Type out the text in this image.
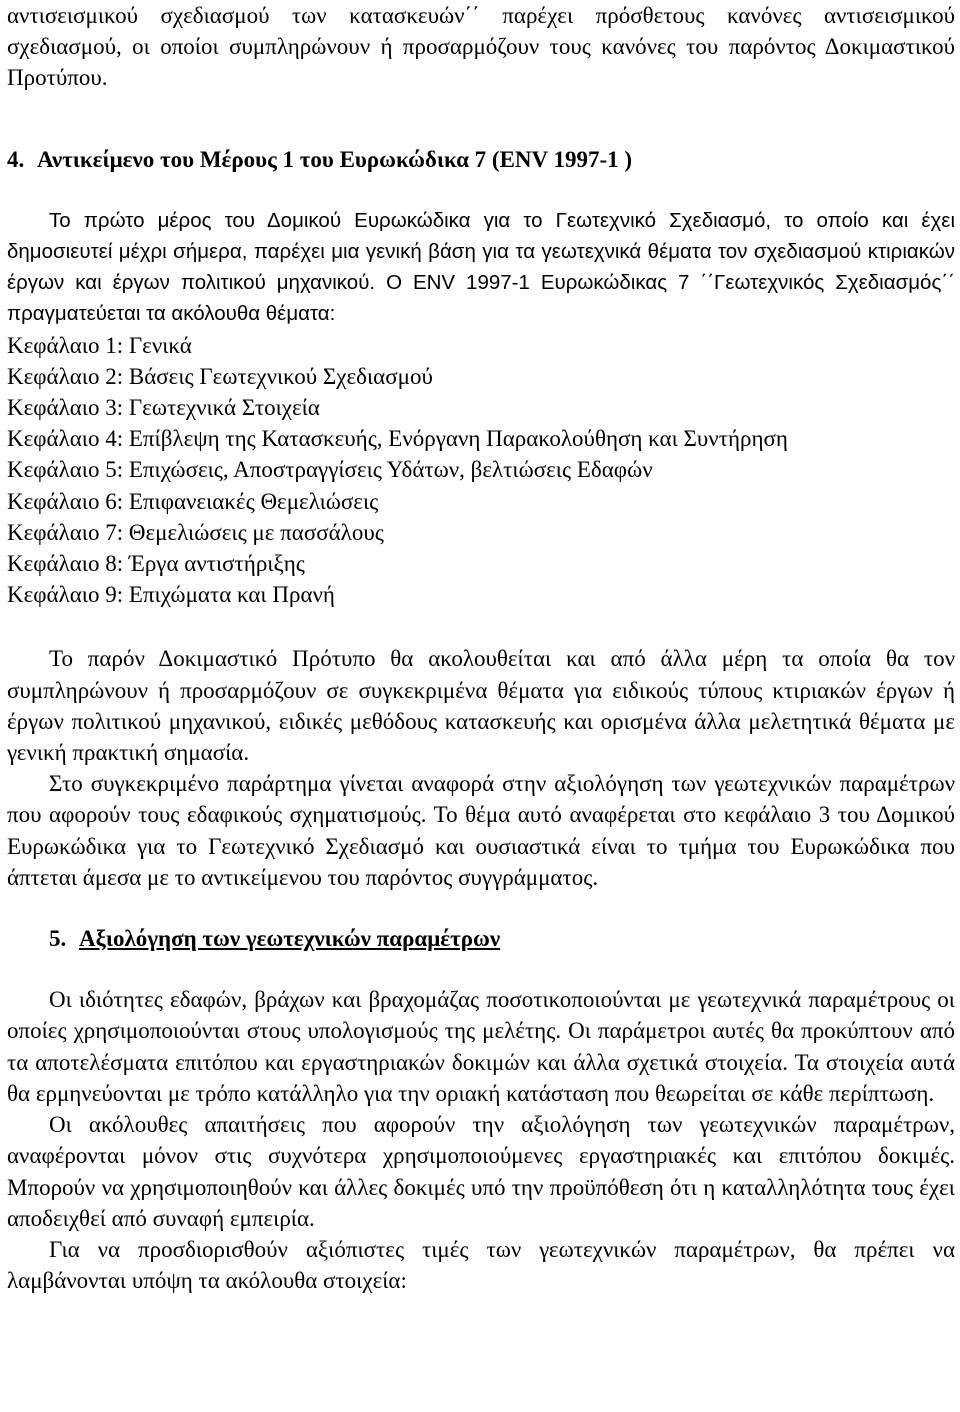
αντισεισμικού σχεδιασμού των κατασκευών΄΄ παρέχει πρόσθετους κανόνες αντισεισμικού σχεδιασμού, οι οποίοι συμπληρώνουν ή προσαρμόζουν τους κανόνες του παρόντος Δοκιμαστικού Προτύπου.

4. Αντικείμενο του Μέρους 1 του Ευρωκώδικα 7 (ENV 1997-1 )

Το πρώτο μέρος του Δομικού Ευρωκώδικα για το Γεωτεχνικό Σχεδιασμό, το οποίο και έχει δημοσιευτεί μέχρι σήμερα, παρέχει μια γενική βάση για τα γεωτεχνικά θέματα τον σχεδιασμού κτιριακών έργων και έργων πολιτικού μηχανικού. Ο ENV 1997-1 Ευρωκώδικας 7 ΄΄Γεωτεχνικός Σχεδιασμός΄΄ πραγματεύεται τα ακόλουθα θέματα:

Κεφάλαιο 1: Γενικά
Κεφάλαιο 2: Βάσεις Γεωτεχνικού Σχεδιασμού
Κεφάλαιο 3: Γεωτεχνικά Στοιχεία
Κεφάλαιο 4: Επίβλεψη της Κατασκευής, Ενόργανη Παρακολούθηση και Συντήρηση
Κεφάλαιο 5: Επιχώσεις, Αποστραγγίσεις Υδάτων, βελτιώσεις Εδαφών
Κεφάλαιο 6: Επιφανειακές Θεμελιώσεις
Κεφάλαιο 7: Θεμελιώσεις με πασσάλους
Κεφάλαιο 8: Έργα αντιστήριξης
Κεφάλαιο 9: Επιχώματα και Πρανή

Το παρόν Δοκιμαστικό Πρότυπο θα ακολουθείται και από άλλα μέρη τα οποία θα τον συμπληρώνουν ή προσαρμόζουν σε συγκεκριμένα θέματα για ειδικούς τύπους κτιριακών έργων ή έργων πολιτικού μηχανικού, ειδικές μεθόδους κατασκευής και ορισμένα άλλα μελετητικά θέματα με γενική πρακτική σημασία.

Στο συγκεκριμένο παράρτημα γίνεται αναφορά στην αξιολόγηση των γεωτεχνικών παραμέτρων που αφορούν τους εδαφικούς σχηματισμούς. Το θέμα αυτό αναφέρεται στο κεφάλαιο 3 του Δομικού Ευρωκώδικα για το Γεωτεχνικό Σχεδιασμό και ουσιαστικά είναι το τμήμα του Ευρωκώδικα που άπτεται άμεσα με το αντικείμενου του παρόντος συγγράμματος.

5. Αξιολόγηση των γεωτεχνικών παραμέτρων

Οι ιδιότητες εδαφών, βράχων και βραχομάζας ποσοτικοποιούνται με γεωτεχνικά παραμέτρους οι οποίες χρησιμοποιούνται στους υπολογισμούς της μελέτης. Οι παράμετροι αυτές θα προκύπτουν από τα αποτελέσματα επιτόπου και εργαστηριακών δοκιμών και άλλα σχετικά στοιχεία. Τα στοιχεία αυτά θα ερμηνεύονται με τρόπο κατάλληλο για την οριακή κατάσταση που θεωρείται σε κάθε περίπτωση.

Οι ακόλουθες απαιτήσεις που αφορούν την αξιολόγηση των γεωτεχνικών παραμέτρων, αναφέρονται μόνον στις συχνότερα χρησιμοποιούμενες εργαστηριακές και επιτόπου δοκιμές. Μπορούν να χρησιμοποιηθούν και άλλες δοκιμές υπό την προϋπόθεση ότι η καταλληλότητα τους έχει αποδειχθεί από συναφή εμπειρία.

Για να προσδιορισθούν αξιόπιστες τιμές των γεωτεχνικών παραμέτρων, θα πρέπει να λαμβάνονται υπόψη τα ακόλουθα στοιχεία:
